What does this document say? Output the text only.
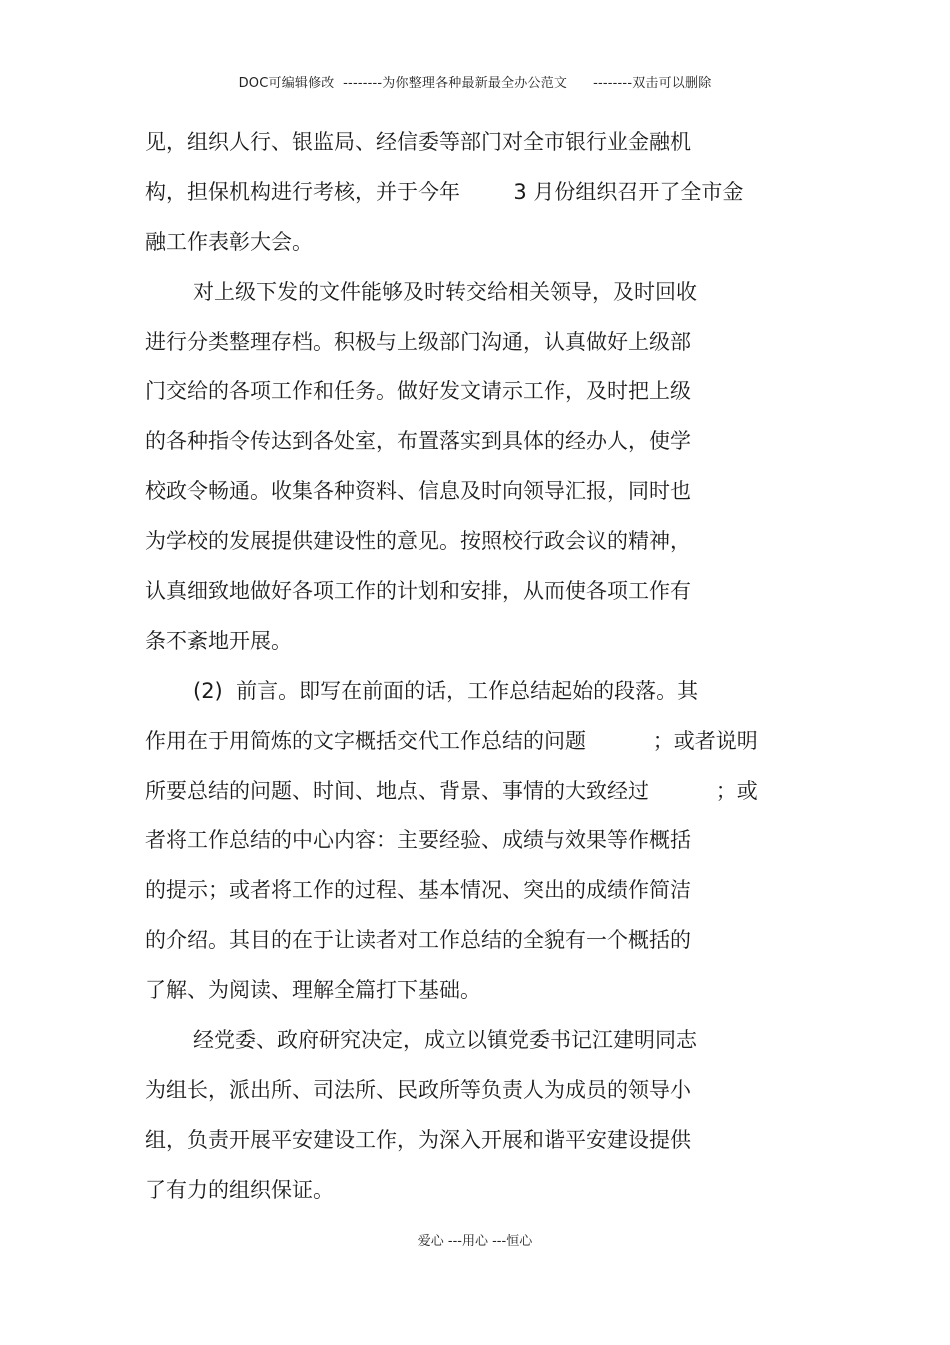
DOC可编辑修改  --------为你整理各种最新最全办公范文      --------双击可以删除
见，组织人行、银监局、经信委等部门对全市银行业金融机
构，担保机构进行考核，并于今年        3 月份组织召开了全市金
融工作表彰大会。
对上级下发的文件能够及时转交给相关领导，及时回收
进行分类整理存档。积极与上级部门沟通，认真做好上级部
门交给的各项工作和任务。做好发文请示工作，及时把上级
的各种指令传达到各处室，布置落实到具体的经办人，使学
校政令畅通。收集各种资料、信息及时向领导汇报，同时也
为学校的发展提供建设性的意见。按照校行政会议的精神，
认真细致地做好各项工作的计划和安排，从而使各项工作有
条不紊地开展。
(2)  前言。即写在前面的话，工作总结起始的段落。其
作用在于用简炼的文字概括交代工作总结的问题          ；或者说明
所要总结的问题、时间、地点、背景、事情的大致经过          ；或
者将工作总结的中心内容：主要经验、成绩与效果等作概括
的提示；或者将工作的过程、基本情况、突出的成绩作简洁
的介绍。其目的在于让读者对工作总结的全貌有一个概括的
了解、为阅读、理解全篇打下基础。
经党委、政府研究决定，成立以镇党委书记江建明同志
为组长，派出所、司法所、民政所等负责人为成员的领导小
组，负责开展平安建设工作，为深入开展和谐平安建设提供
了有力的组织保证。
爱心 ---用心 ---恒心
